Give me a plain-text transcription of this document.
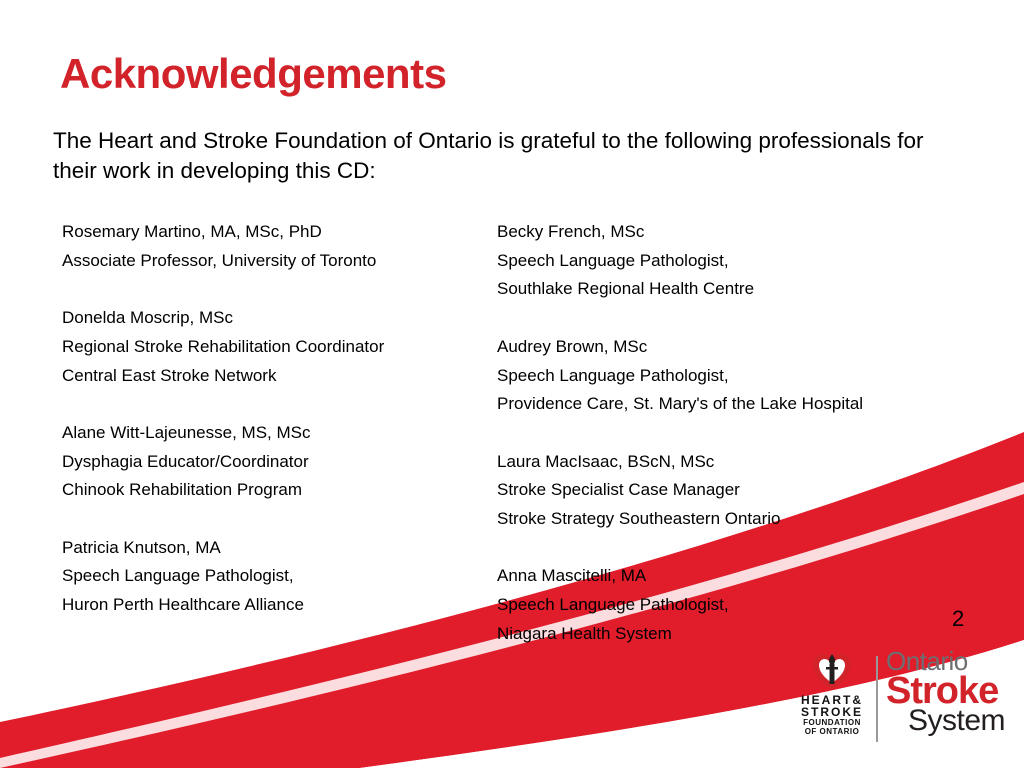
Acknowledgements

The Heart and Stroke Foundation of Ontario is grateful to the following professionals for their work in developing this CD:

Rosemary Martino, MA, MSc, PhD
Associate Professor, University of Toronto
Donelda Moscrip, MSc
Regional Stroke Rehabilitation Coordinator
Central East Stroke Network
Alane Witt-Lajeunesse, MS, MSc
Dysphagia Educator/Coordinator
Chinook Rehabilitation Program
Patricia Knutson, MA
Speech Language Pathologist,
Huron Perth Healthcare Alliance
Becky French, MSc
Speech Language Pathologist,
Southlake Regional Health Centre
Audrey Brown, MSc
Speech Language Pathologist,
Providence Care, St. Mary's of the Lake Hospital
Laura MacIsaac, BScN, MSc
Stroke Specialist Case Manager
Stroke Strategy Southeastern Ontario
Anna Mascitelli, MA
Speech Language Pathologist,
Niagara Health System
2
HEART&
STROKE
FOUNDATION
OF ONTARIO
Ontario
Stroke
System
